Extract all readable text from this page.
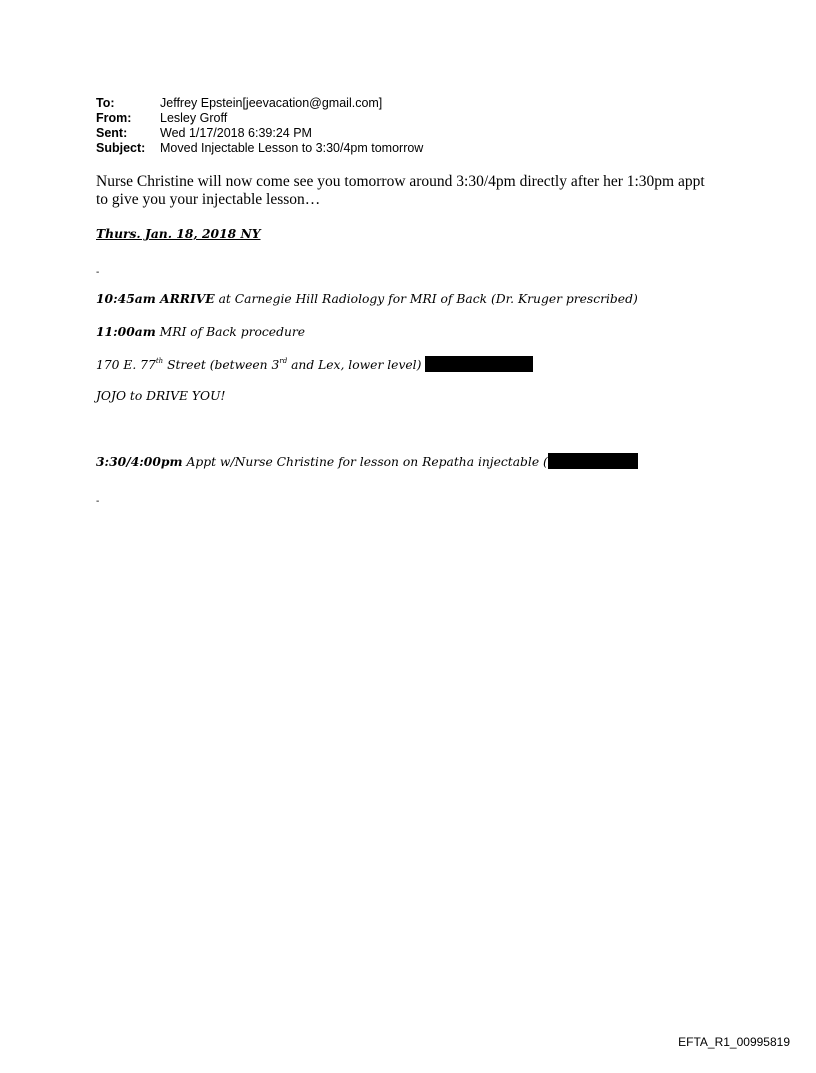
To:	Jeffrey Epstein[jeevacation@gmail.com]
From:	Lesley Groff
Sent:	Wed 1/17/2018 6:39:24 PM
Subject:	Moved Injectable Lesson to 3:30/4pm tomorrow
Nurse Christine will now come see you tomorrow around 3:30/4pm directly after her 1:30pm appt to give you your injectable lesson…
Thurs. Jan. 18, 2018 NY
-
10:45am ARRIVE at Carnegie Hill Radiology for MRI of Back (Dr. Kruger prescribed)
11:00am MRI of Back procedure
170 E. 77th Street (between 3rd and Lex, lower level)
JOJO to DRIVE YOU!
3:30/4:00pm Appt w/Nurse Christine for lesson on Repatha injectable (
-
EFTA_R1_00995819
